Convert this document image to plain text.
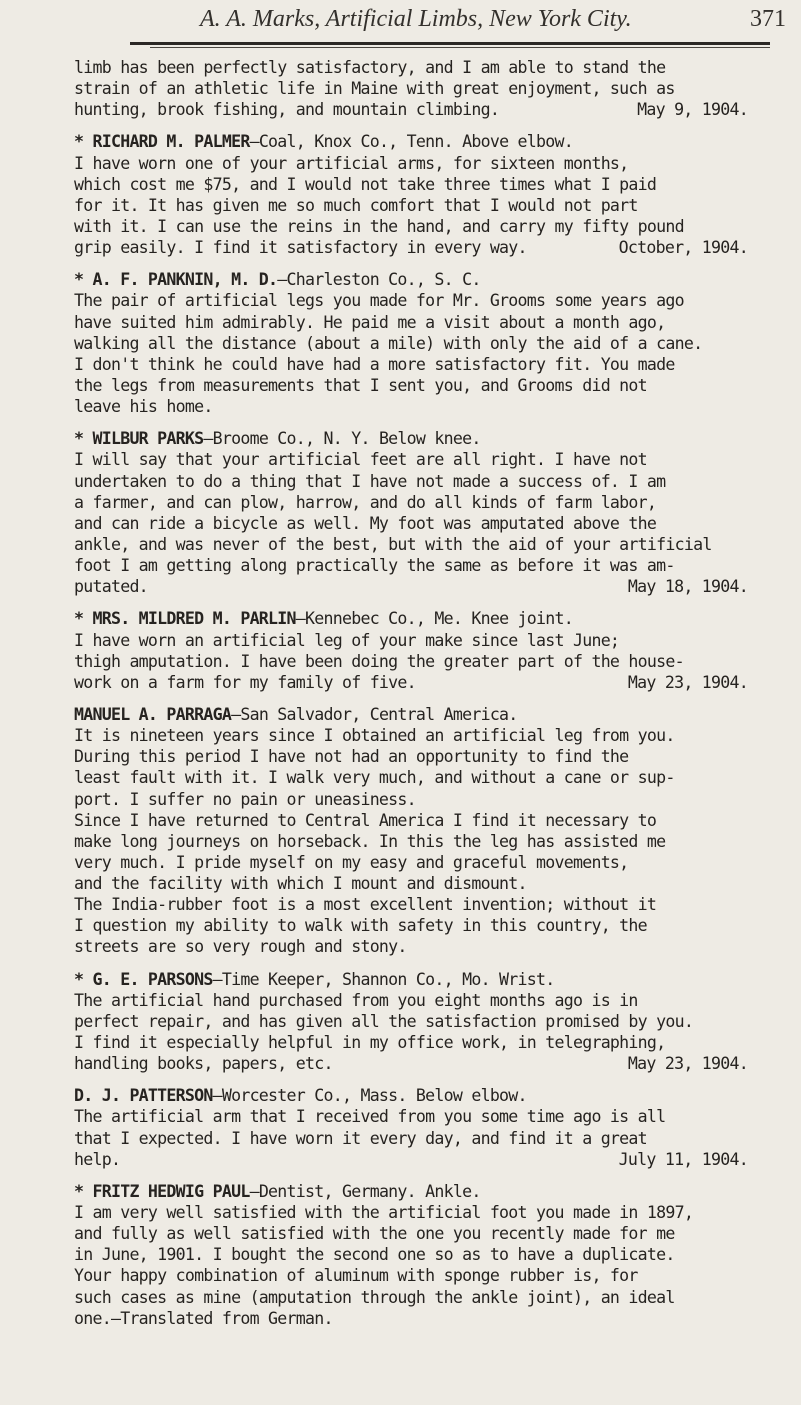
A. A. Marks, Artificial Limbs, New York City.	371
limb has been perfectly satisfactory, and I am able to stand the
strain of an athletic life in Maine with great enjoyment, such as
hunting, brook fishing, and mountain climbing.	May 9, 1904.
* RICHARD M. PALMER—Coal, Knox Co., Tenn. Above elbow.
I have worn one of your artificial arms, for sixteen months,
which cost me $75, and I would not take three times what I paid
for it. It has given me so much comfort that I would not part
with it. I can use the reins in the hand, and carry my fifty pound
grip easily. I find it satisfactory in every way.	October, 1904.
* A. F. PANKNIN, M. D.—Charleston Co., S. C.
The pair of artificial legs you made for Mr. Grooms some years ago
have suited him admirably. He paid me a visit about a month ago,
walking all the distance (about a mile) with only the aid of a cane.
I don't think he could have had a more satisfactory fit. You made
the legs from measurements that I sent you, and Grooms did not
leave his home.
* WILBUR PARKS—Broome Co., N. Y. Below knee.
I will say that your artificial feet are all right. I have not
undertaken to do a thing that I have not made a success of. I am
a farmer, and can plow, harrow, and do all kinds of farm labor,
and can ride a bicycle as well. My foot was amputated above the
ankle, and was never of the best, but with the aid of your artificial
foot I am getting along practically the same as before it was am-
putated.	May 18, 1904.
* MRS. MILDRED M. PARLIN—Kennebec Co., Me. Knee joint.
I have worn an artificial leg of your make since last June;
thigh amputation. I have been doing the greater part of the house-
work on a farm for my family of five.	May 23, 1904.
MANUEL A. PARRAGA—San Salvador, Central America.
It is nineteen years since I obtained an artificial leg from you.
During this period I have not had an opportunity to find the
least fault with it. I walk very much, and without a cane or sup-
port. I suffer no pain or uneasiness.
Since I have returned to Central America I find it necessary to
make long journeys on horseback. In this the leg has assisted me
very much. I pride myself on my easy and graceful movements,
and the facility with which I mount and dismount.
The India-rubber foot is a most excellent invention; without it
I question my ability to walk with safety in this country, the
streets are so very rough and stony.
* G. E. PARSONS—Time Keeper, Shannon Co., Mo. Wrist.
The artificial hand purchased from you eight months ago is in
perfect repair, and has given all the satisfaction promised by you.
I find it especially helpful in my office work, in telegraphing,
handling books, papers, etc.	May 23, 1904.
D. J. PATTERSON—Worcester Co., Mass. Below elbow.
The artificial arm that I received from you some time ago is all
that I expected. I have worn it every day, and find it a great
help.	July 11, 1904.
* FRITZ HEDWIG PAUL—Dentist, Germany. Ankle.
I am very well satisfied with the artificial foot you made in 1897,
and fully as well satisfied with the one you recently made for me
in June, 1901. I bought the second one so as to have a duplicate.
Your happy combination of aluminum with sponge rubber is, for
such cases as mine (amputation through the ankle joint), an ideal
one.—Translated from German.
